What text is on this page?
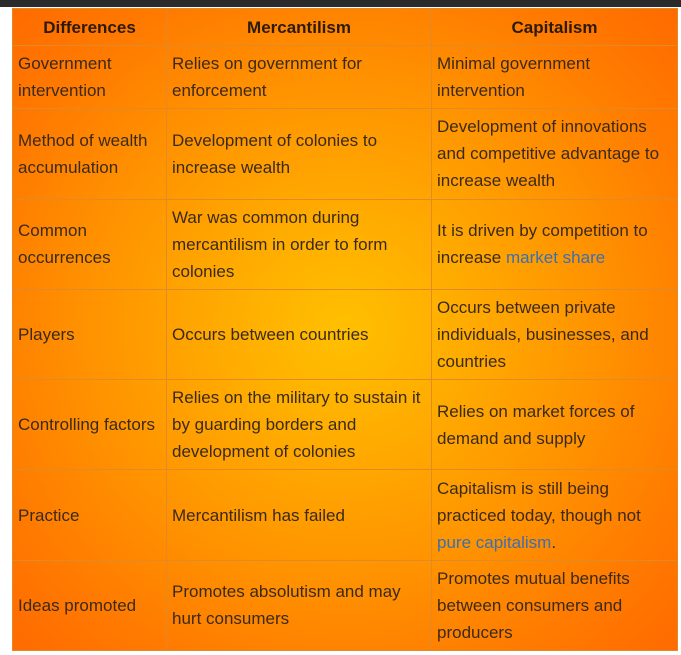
Differences	Mercantilism	Capitalism
Government intervention	Relies on government for enforcement	Minimal government intervention
Method of wealth accumulation	Development of colonies to increase wealth	Development of innovations and competitive advantage to increase wealth
Common occurrences	War was common during mercantilism in order to form colonies	It is driven by competition to increase market share
Players	Occurs between countries	Occurs between private individuals, businesses, and countries
Controlling factors	Relies on the military to sustain it by guarding borders and development of colonies	Relies on market forces of demand and supply
Practice	Mercantilism has failed	Capitalism is still being practiced today, though not pure capitalism.
Ideas promoted	Promotes absolutism and may hurt consumers	Promotes mutual benefits between consumers and producers
